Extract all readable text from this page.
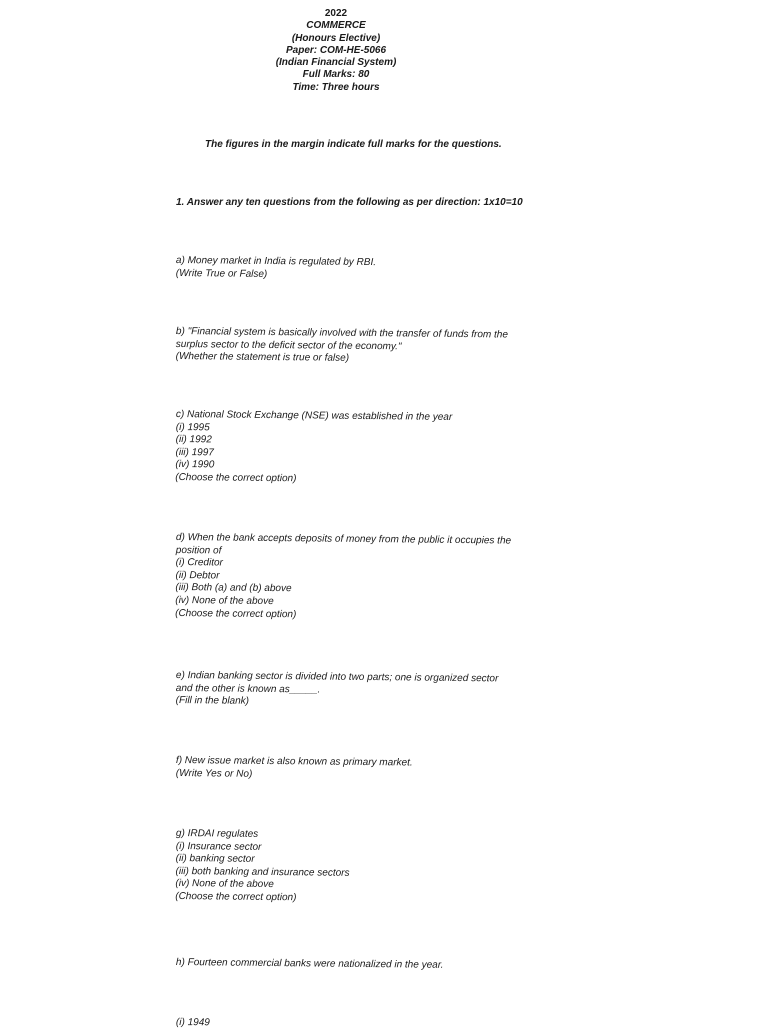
2022
COMMERCE
(Honours Elective)
Paper: COM-HE-5066
(Indian Financial System)
Full Marks: 80
Time: Three hours
The figures in the margin indicate full marks for the questions.
1. Answer any ten questions from the following as per direction: 1x10=10
a) Money market in India is regulated by RBI.
(Write True or False)
b) "Financial system is basically involved with the transfer of funds from the
surplus sector to the deficit sector of the economy."
(Whether the statement is true or false)
c) National Stock Exchange (NSE) was established in the year
(i) 1995
(ii) 1992
(iii) 1997
(iv) 1990
(Choose the correct option)
d) When the bank accepts deposits of money from the public it occupies the
position of
(i) Creditor
(ii) Debtor
(iii) Both (a) and (b) above
(iv) None of the above
(Choose the correct option)
e) Indian banking sector is divided into two parts; one is organized sector
and the other is known as_____.
(Fill in the blank)
f) New issue market is also known as primary market.
(Write Yes or No)
g) IRDAI regulates
(i) Insurance sector
(ii) banking sector
(iii) both banking and insurance sectors
(iv) None of the above
(Choose the correct option)
h) Fourteen commercial banks were nationalized in the year.
(i) 1949
